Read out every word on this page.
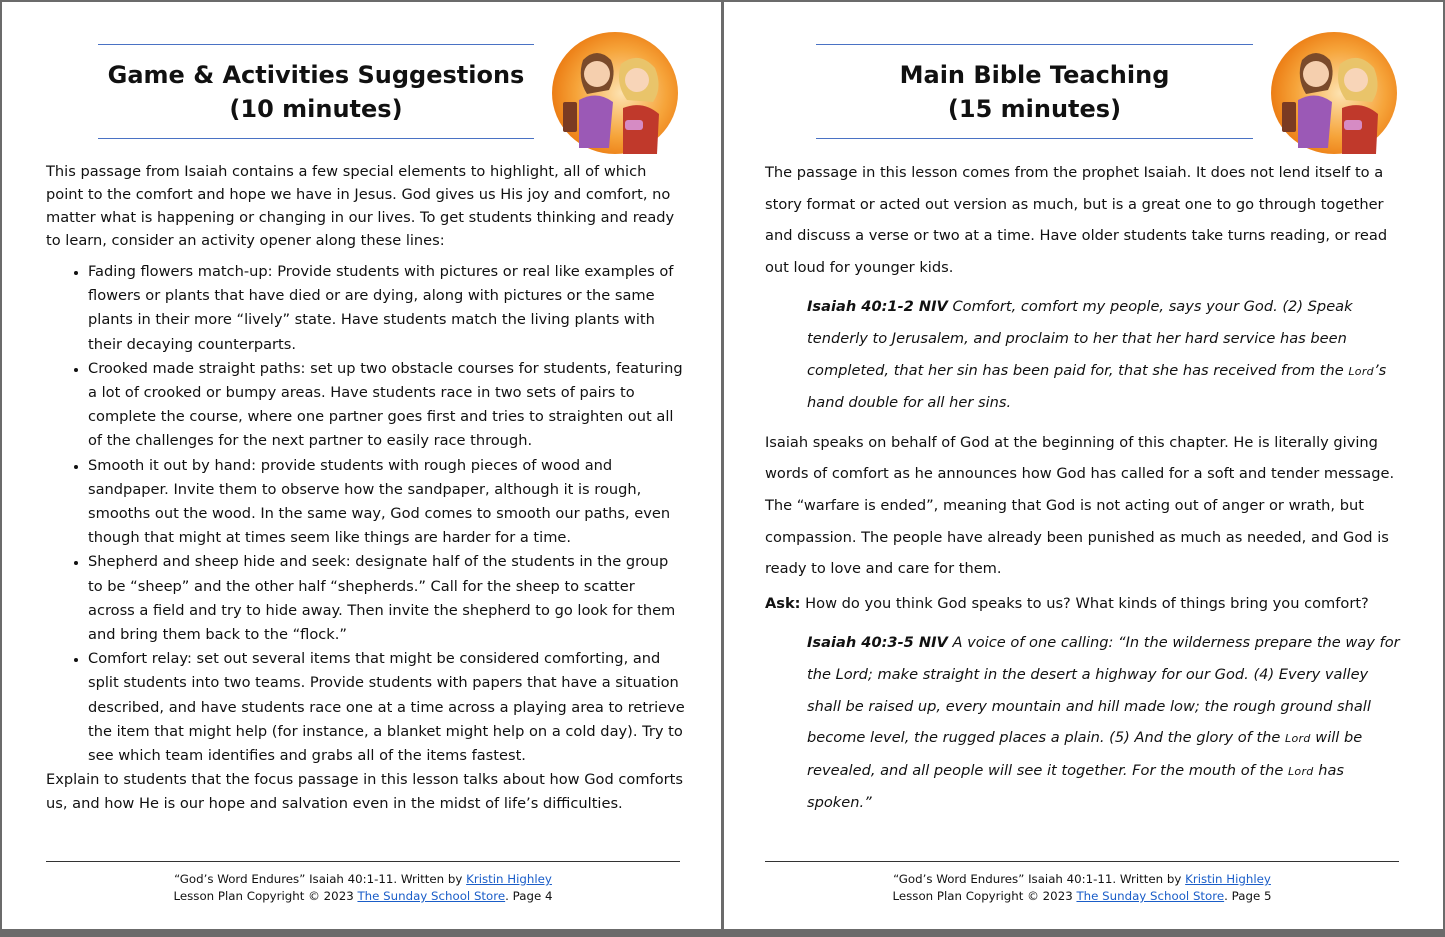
Game & Activities Suggestions
(10 minutes)

This passage from Isaiah contains a few special elements to highlight, all of which point to the comfort and hope we have in Jesus. God gives us His joy and comfort, no matter what is happening or changing in our lives. To get students thinking and ready to learn, consider an activity opener along these lines:

• Fading flowers match-up: Provide students with pictures or real like examples of flowers or plants that have died or are dying, along with pictures or the same plants in their more “lively” state. Have students match the living plants with their decaying counterparts.
• Crooked made straight paths: set up two obstacle courses for students, featuring a lot of crooked or bumpy areas. Have students race in two sets of pairs to complete the course, where one partner goes first and tries to straighten out all of the challenges for the next partner to easily race through.
• Smooth it out by hand: provide students with rough pieces of wood and sandpaper. Invite them to observe how the sandpaper, although it is rough, smooths out the wood. In the same way, God comes to smooth our paths, even though that might at times seem like things are harder for a time.
• Shepherd and sheep hide and seek: designate half of the students in the group to be “sheep” and the other half “shepherds.” Call for the sheep to scatter across a field and try to hide away. Then invite the shepherd to go look for them and bring them back to the “flock.”
• Comfort relay: set out several items that might be considered comforting, and split students into two teams. Provide students with papers that have a situation described, and have students race one at a time across a playing area to retrieve the item that might help (for instance, a blanket might help on a cold day). Try to see which team identifies and grabs all of the items fastest.

Explain to students that the focus passage in this lesson talks about how God comforts us, and how He is our hope and salvation even in the midst of life’s difficulties.

“God’s Word Endures” Isaiah 40:1-11. Written by Kristin Highley
Lesson Plan Copyright © 2023 The Sunday School Store. Page 4
Main Bible Teaching
(15 minutes)

The passage in this lesson comes from the prophet Isaiah. It does not lend itself to a story format or acted out version as much, but is a great one to go through together and discuss a verse or two at a time. Have older students take turns reading, or read out loud for younger kids.

Isaiah 40:1-2 NIV Comfort, comfort my people, says your God. (2) Speak tenderly to Jerusalem, and proclaim to her that her hard service has been completed, that her sin has been paid for, that she has received from the Lord’s hand double for all her sins.

Isaiah speaks on behalf of God at the beginning of this chapter. He is literally giving words of comfort as he announces how God has called for a soft and tender message. The “warfare is ended”, meaning that God is not acting out of anger or wrath, but compassion. The people have already been punished as much as needed, and God is ready to love and care for them.

Ask: How do you think God speaks to us? What kinds of things bring you comfort?

Isaiah 40:3-5 NIV A voice of one calling: “In the wilderness prepare the way for the Lord; make straight in the desert a highway for our God. (4) Every valley shall be raised up, every mountain and hill made low; the rough ground shall become level, the rugged places a plain. (5) And the glory of the Lord will be revealed, and all people will see it together. For the mouth of the Lord has spoken.”

“God’s Word Endures” Isaiah 40:1-11. Written by Kristin Highley
Lesson Plan Copyright © 2023 The Sunday School Store. Page 5
